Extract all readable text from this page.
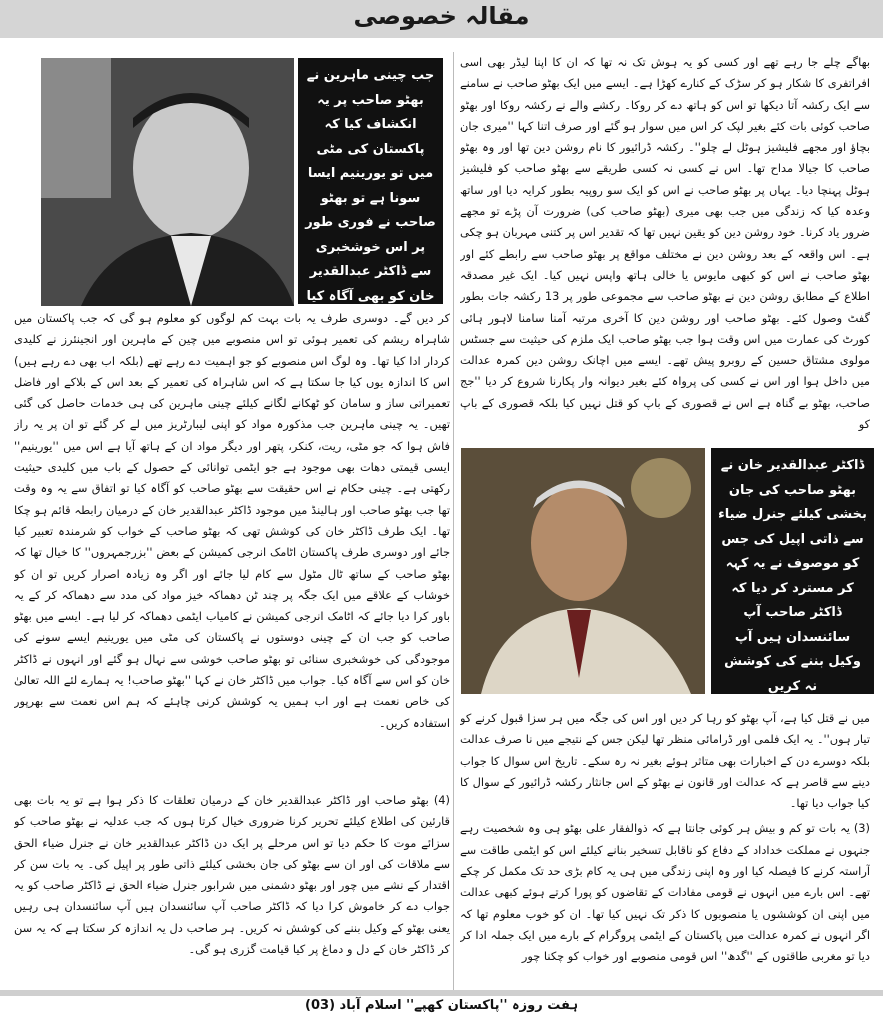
مقالہ خصوصی
جب چینی ماہرین نے بھٹو صاحب پر یہ انکشاف کیا کہ پاکستان کی مٹی میں تو یورینیم ایسا سونا ہے تو بھٹو صاحب نے فوری طور پر اس خوشخبری سے ڈاکٹر عبدالقدیر خان کو بھی آگاہ کیا

بھاگے چلے جا رہے تھے اور کسی کو یہ ہوش تک نہ تھا کہ ان کا اپنا لیڈر بھی اسی افراتفری کا شکار ہو کر سڑک کے کنارے کھڑا ہے۔ ایسے میں ایک بھٹو صاحب نے سامنے سے ایک رکشہ آتا دیکھا تو اس کو ہاتھ دے کر روکا۔ رکشے والے نے رکشہ روکا اور بھٹو صاحب کوئی بات کئے بغیر لپک کر اس میں سوار ہو گئے اور صرف اتنا کہا ''میری جان بچاؤ اور مجھے فلیشیز ہوٹل لے چلو''۔ رکشہ ڈرائیور کا نام روشن دین تھا اور وہ بھٹو صاحب کا جیالا مداح تھا۔ اس نے کسی نہ کسی طریقے سے بھٹو صاحب کو فلیشیز ہوٹل پہنچا دیا۔ یہاں پر بھٹو صاحب نے اس کو ایک سو روپیہ بطور کرایہ دیا اور ساتھ وعدہ کیا کہ زندگی میں جب بھی میری (بھٹو صاحب کی) ضرورت آن پڑے تو مجھے ضرور یاد کرنا۔ خود روشن دین کو یقین نہیں تھا کہ تقدیر اس پر کتنی مہربان ہو چکی ہے۔ اس واقعہ کے بعد روشن دین نے مختلف مواقع پر بھٹو صاحب سے رابطے کئے اور بھٹو صاحب نے اس کو کبھی مایوس یا خالی ہاتھ واپس نہیں کیا۔ ایک غیر مصدقہ اطلاع کے مطابق روشن دین نے بھٹو صاحب سے مجموعی طور پر 13 رکشہ جات بطور گفٹ وصول کئے۔ بھٹو صاحب اور روشن دین کا آخری مرتبہ آمنا سامنا لاہور ہائی کورٹ کی عمارت میں اس وقت ہوا جب بھٹو صاحب ایک ملزم کی حیثیت سے جسٹس مولوی مشتاق حسین کے روبرو پیش تھے۔ ایسے میں اچانک روشن دین کمرہ عدالت میں داخل ہوا اور اس نے کسی کی پرواہ کئے بغیر دیوانہ وار پکارنا شروع کر دیا ''جج صاحب، بھٹو بے گناہ ہے اس نے قصوری کے باپ کو قتل نہیں کیا بلکہ قصوری کے باپ کو

ڈاکٹر عبدالقدیر خان نے بھٹو صاحب کی جان بخشی کیلئے جنرل ضیاء سے ذاتی اپیل کی جس کو موصوف نے یہ کہہ کر مسترد کر دیا کہ ڈاکٹر صاحب آپ سائنسدان ہیں آپ وکیل بننے کی کوشش نہ کریں

کر دیں گے۔ دوسری طرف یہ بات بہت کم لوگوں کو معلوم ہو گی کہ جب پاکستان میں شاہراہ ریشم کی تعمیر ہوئی تو اس منصوبے میں چین کے ماہرین اور انجینئرز نے کلیدی کردار ادا کیا تھا۔ وہ لوگ اس منصوبے کو جو اہمیت دے رہے تھے (بلکہ اب بھی دے رہے ہیں) اس کا اندازہ یوں کیا جا سکتا ہے کہ اس شاہراہ کی تعمیر کے بعد اس کے بلاکے اور فاضل تعمیراتی ساز و سامان کو ٹھکانے لگانے کیلئے چینی ماہرین کی ہی خدمات حاصل کی گئی تھیں۔ یہ چینی ماہرین جب مذکورہ مواد کو اپنی لیبارٹریز میں لے کر گئے تو ان پر یہ راز فاش ہوا کہ جو مٹی، ریت، کنکر، پتھر اور دیگر مواد ان کے ہاتھ آیا ہے اس میں ''یورینیم'' ایسی قیمتی دھات بھی موجود ہے جو ایٹمی توانائی کے حصول کے باب میں کلیدی حیثیت رکھتی ہے۔ چینی حکام نے اس حقیقت سے بھٹو صاحب کو آگاہ کیا تو اتفاق سے یہ وہ وقت تھا جب بھٹو صاحب اور ہالینڈ میں موجود ڈاکٹر عبدالقدیر خان کے درمیان رابطہ قائم ہو چکا تھا۔ ایک طرف ڈاکٹر خان کی کوشش تھی کہ بھٹو صاحب کے خواب کو شرمندہ تعبیر کیا جائے اور دوسری طرف پاکستان اٹامک انرجی کمیشن کے بعض ''بزرجمہروں'' کا خیال تھا کہ بھٹو صاحب کے ساتھ ٹال مٹول سے کام لیا جائے اور اگر وہ زیادہ اصرار کریں تو ان کو خوشاب کے علاقے میں ایک جگہ پر چند ٹن دھماکہ خیز مواد کی مدد سے دھماکہ کر کے یہ باور کرا دیا جائے کہ اٹامک انرجی کمیشن نے کامیاب ایٹمی دھماکہ کر لیا ہے۔ ایسے میں بھٹو صاحب کو جب ان کے چینی دوستوں نے پاکستان کی مٹی میں یورینیم ایسے سونے کی موجودگی کی خوشخبری سنائی تو بھٹو صاحب خوشی سے نہال ہو گئے اور انہوں نے ڈاکٹر خان کو اس سے آگاہ کیا۔ جواب میں ڈاکٹر خان نے کہا ''بھٹو صاحب! یہ ہمارے لئے اللہ تعالیٰ کی خاص نعمت ہے اور اب ہمیں یہ کوشش کرنی چاہئے کہ ہم اس نعمت سے بھرپور استفادہ کریں۔ میں نے قتل کیا ہے، آپ بھٹو کو رہا کر دیں اور اس کی جگہ میں ہر سزا قبول کرنے کو تیار ہوں''۔ یہ ایک فلمی اور ڈرامائی منظر تھا لیکن جس کے نتیجے میں نا صرف عدالت بلکہ دوسرے دن کے اخبارات بھی متاثر ہوئے بغیر نہ رہ سکے۔ تاریخ اس سوال کا جواب دینے سے قاصر ہے کہ عدالت اور قانون نے بھٹو کے اس جانثار رکشہ ڈرائیور کے سوال کا کیا جواب دیا تھا۔

(3) یہ بات تو کم و بیش ہر کوئی جانتا ہے کہ ذوالفقار علی بھٹو ہی وہ شخصیت رہے جنہوں نے مملکت خداداد کے دفاع کو ناقابل تسخیر بنانے کیلئے اس کو ایٹمی طاقت سے آراستہ کرنے کا فیصلہ کیا اور وہ اپنی زندگی میں ہی یہ کام بڑی حد تک مکمل کر چکے تھے۔ اس بارے میں انہوں نے قومی مفادات کے تقاضوں کو پورا کرتے ہوئے کبھی عدالت میں اپنی ان کوششوں یا منصوبوں کا ذکر تک نہیں کیا تھا۔ ان کو خوب معلوم تھا کہ اگر انہوں نے کمرہ عدالت میں پاکستان کے ایٹمی پروگرام کے بارے میں ایک جملہ ادا کر دیا تو مغربی طاقتوں کے ''گدھ'' اس قومی منصوبے اور خواب کو چکنا چور

(4) بھٹو صاحب اور ڈاکٹر عبدالقدیر خان کے درمیان تعلقات کا ذکر ہوا ہے تو یہ بات بھی قارئین کی اطلاع کیلئے تحریر کرنا ضروری خیال کرتا ہوں کہ جب عدلیہ نے بھٹو صاحب کو سزائے موت کا حکم دیا تو اس مرحلے پر ایک دن ڈاکٹر عبدالقدیر خان نے جنرل ضیاء الحق سے ملاقات کی اور ان سے بھٹو کی جان بخشی کیلئے ذاتی طور پر اپیل کی۔ یہ بات سن کر اقتدار کے نشے میں چور اور بھٹو دشمنی میں شرابور جنرل ضیاء الحق نے ڈاکٹر صاحب کو یہ جواب دے کر خاموش کرا دیا کہ ڈاکٹر صاحب آپ سائنسدان ہیں آپ سائنسدان ہی رہیں یعنی بھٹو کے وکیل بننے کی کوشش نہ کریں۔ ہر صاحب دل یہ اندازہ کر سکتا ہے کہ یہ سن کر ڈاکٹر خان کے دل و دماغ پر کیا قیامت گزری ہو گی۔

ہفت روزہ ''پاکستان کھپے'' اسلام آباد (03)
